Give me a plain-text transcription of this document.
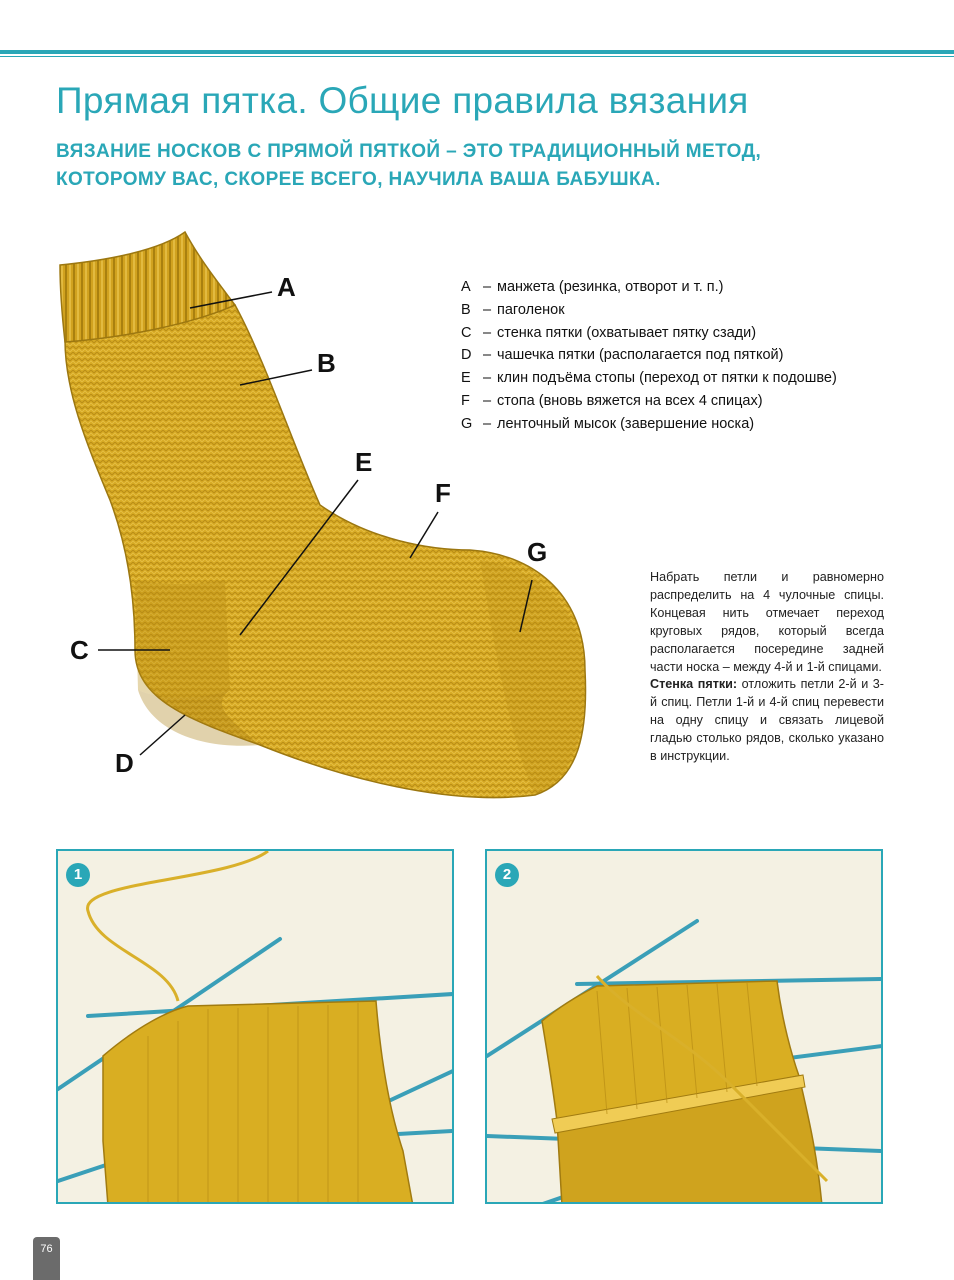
Прямая пятка. Общие правила вязания
ВЯЗАНИЕ НОСКОВ С ПРЯМОЙ ПЯТКОЙ – ЭТО ТРАДИЦИОННЫЙ МЕТОД,
КОТОРОМУ ВАС, СКОРЕЕ ВСЕГО, НАУЧИЛА ВАША БАБУШКА.
A
B
C
D
E
F
G
A – манжета (резинка, отворот и т. п.)
B – паголенок
C – стенка пятки (охватывает пятку сзади)
D – чашечка пятки (располагается под пяткой)
E – клин подъёма стопы (переход от пятки к подошве)
F – стопа (вновь вяжется на всех 4 спицах)
G – ленточный мысок (завершение носка)

Набрать петли и равномерно распределить на 4 чулочные спицы. Концевая нить отмечает переход круговых рядов, который всегда располагается посередине задней части носка – между 4-й и 1-й спицами.

Стенка пятки: отложить петли 2-й и 3-й спиц. Петли 1-й и 4-й спиц перевести на одну спицу и связать лицевой гладью столько рядов, сколько указано в инструкции.

1	2
76
